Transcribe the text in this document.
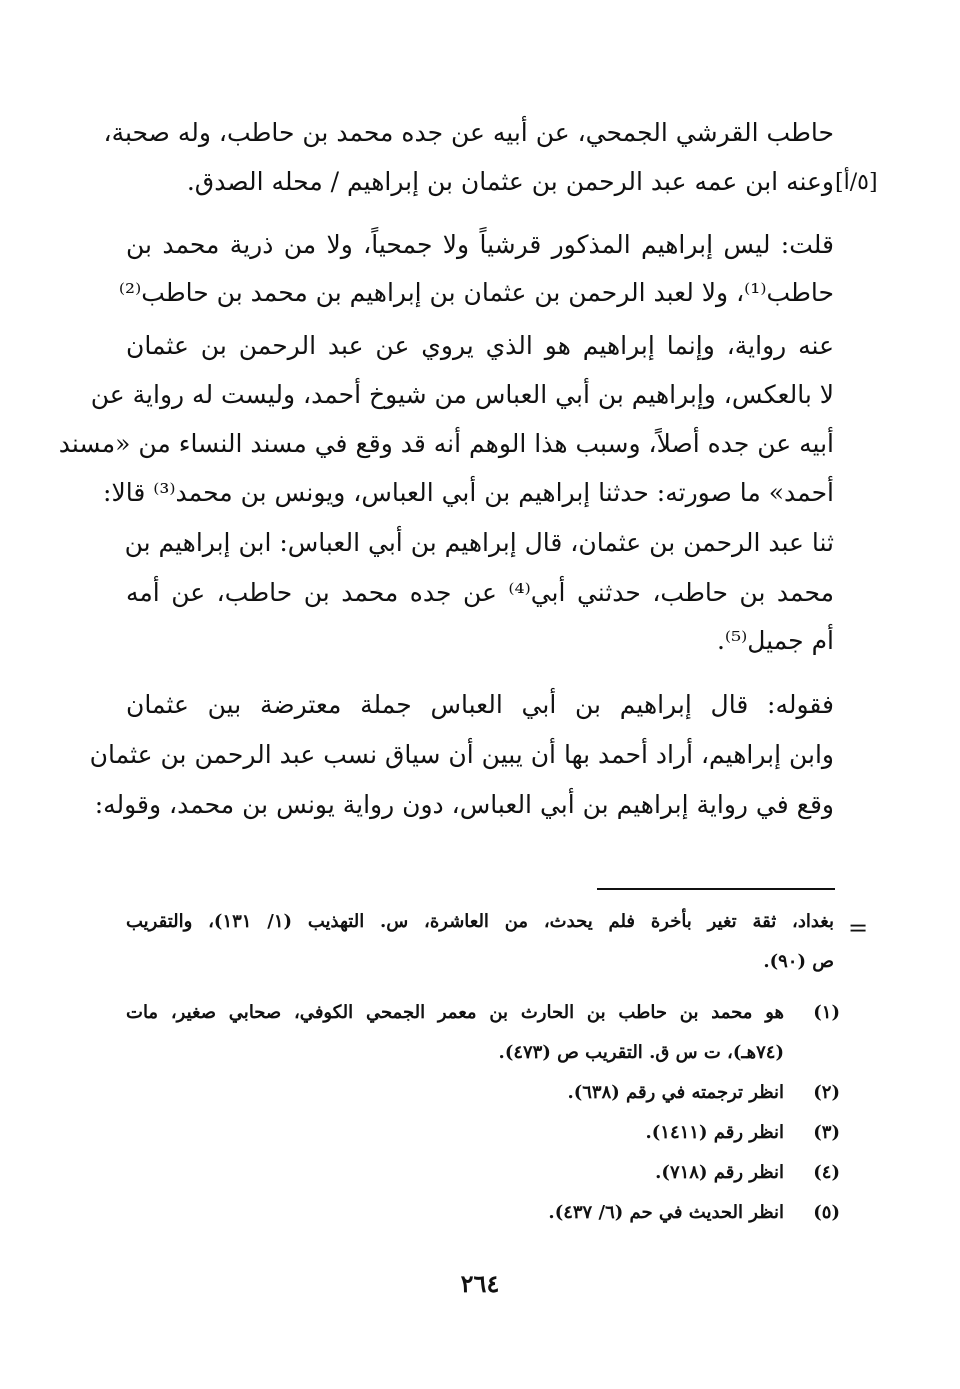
حاطب القرشي الجمحي، عن أبيه عن جده محمد بن حاطب، وله صحبة،
وعنه ابن عمه عبد الرحمن بن عثمان بن إبراهيم / محله الصدق. [٥/أ]
قلت: ليس إبراهيم المذكور قرشياً ولا جمحياً، ولا من ذرية محمد بن
حاطب⁽¹⁾، ولا لعبد الرحمن بن عثمان بن إبراهيم بن محمد بن حاطب⁽²⁾
عنه رواية، وإنما إبراهيم هو الذي يروي عن عبد الرحمن بن عثمان
لا بالعكس، وإبراهيم بن أبي العباس من شيوخ أحمد، وليست له رواية عن
أبيه عن جده أصلاً، وسبب هذا الوهم أنه قد وقع في مسند النساء من «مسند
أحمد» ما صورته: حدثنا إبراهيم بن أبي العباس، ويونس بن محمد⁽³⁾ قالا:
ثنا عبد الرحمن بن عثمان، قال إبراهيم بن أبي العباس: ابن إبراهيم بن
محمد بن حاطب، حدثني أبي⁽⁴⁾ عن جده محمد بن حاطب، عن أمه
أم جميل⁽⁵⁾.
فقوله: قال إبراهيم بن أبي العباس جملة معترضة بين عثمان
وابن إبراهيم، أراد أحمد بها أن يبين أن سياق نسب عبد الرحمن بن عثمان
وقع في رواية إبراهيم بن أبي العباس، دون رواية يونس بن محمد، وقوله:
=
بغداد، ثقة تغير بأخرة فلم يحدث، من العاشرة، س. التهذيب (١/ ١٣١)، والتقريب
ص (٩٠).
(١)
هو محمد بن حاطب بن الحارث بن معمر الجمحي الكوفي، صحابي صغير، مات
(٧٤هـ)، ت س ق. التقريب ص (٤٧٣).
(٢)
انظر ترجمته في رقم (٦٣٨).
(٣)
انظر رقم (١٤١١).
(٤)
انظر رقم (٧١٨).
(٥)
انظر الحديث في حم (٦/ ٤٣٧).
٢٦٤
